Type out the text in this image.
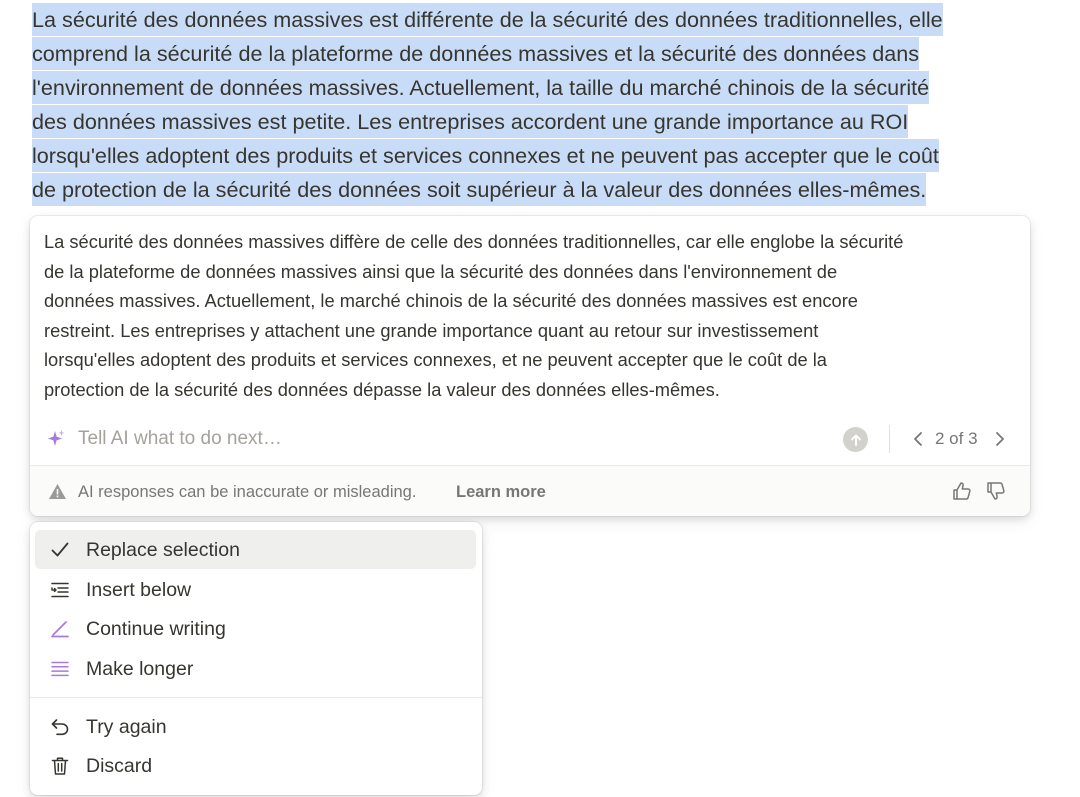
La sécurité des données massives est différente de la sécurité des données traditionnelles, elle
comprend la sécurité de la plateforme de données massives et la sécurité des données dans
l'environnement de données massives. Actuellement, la taille du marché chinois de la sécurité
des données massives est petite. Les entreprises accordent une grande importance au ROI
lorsqu'elles adoptent des produits et services connexes et ne peuvent pas accepter que le coût
de protection de la sécurité des données soit supérieur à la valeur des données elles-mêmes.
La sécurité des données massives diffère de celle des données traditionnelles, car elle englobe la sécurité
de la plateforme de données massives ainsi que la sécurité des données dans l'environnement de
données massives. Actuellement, le marché chinois de la sécurité des données massives est encore
restreint. Les entreprises y attachent une grande importance quant au retour sur investissement
lorsqu'elles adoptent des produits et services connexes, et ne peuvent accepter que le coût de la
protection de la sécurité des données dépasse la valeur des données elles-mêmes.
Tell AI what to do next…
2 of 3
AI responses can be inaccurate or misleading. Learn more
Replace selection
Insert below
Continue writing
Make longer
Try again
Discard
